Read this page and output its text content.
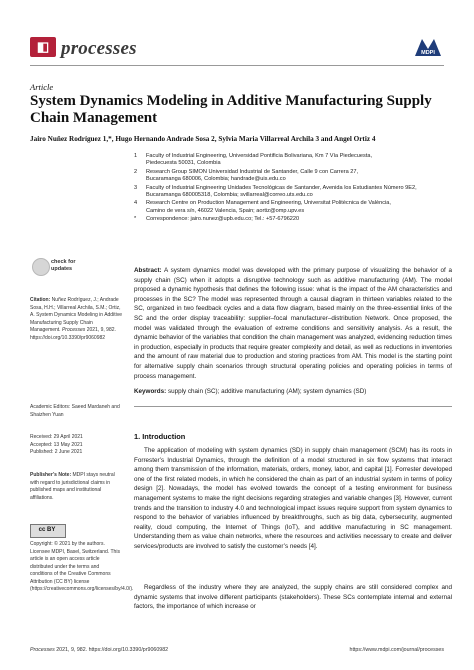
◧ processes	MDPI
Article
System Dynamics Modeling in Additive Manufacturing Supply Chain Management
Jairo Nuñez Rodríguez 1,*, Hugo Hernando Andrade Sosa 2, Sylvia Maria Villarreal Archila 3 and Angel Ortiz 4
1 Faculty of Industrial Engineering, Universidad Pontificia Bolivariana, Km 7 Vía Piedecuesta,
Piedecuesta 50031, Colombia
2 Research Group SIMON Universidad Industrial de Santander, Calle 9 con Carrera 27,
Bucaramanga 680006, Colombia; handrade@uis.edu.co
3 Faculty of Industrial Engineering Unidades Tecnológicas de Santander, Avenida los Estudiantes Número 9E2,
Bucaramanga 680005318, Colombia; svillarreal@correo.uts.edu.co
4 Research Centre on Production Management and Engineering, Universitat Politècnica de València,
Camino de vera s/n, 46022 Valencia, Spain; aortiz@omp.upv.es
* Correspondence: jairo.nunez@upb.edu.co; Tel.: +57-6796220
check for
updates
Citation: Nuñez Rodríguez, J.; Andrade Sosa, H.H.; Villarreal Archila, S.M.; Ortiz, A. System Dynamics Modeling in Additive Manufacturing Supply Chain Management. Processes 2021, 9, 982. https://doi.org/10.3390/pr9060982
Academic Editors: Saeed Mardaneh and Shaizhen Yuan
Received: 29 April 2021
Accepted: 13 May 2021
Published: 2 June 2021
Publisher’s Note: MDPI stays neutral with regard to jurisdictional claims in published maps and institutional affiliations.
cc BY
Copyright: © 2021 by the authors. Licensee MDPI, Basel, Switzerland. This article is an open access article distributed under the terms and conditions of the Creative Commons Attribution (CC BY) license (https://creativecommons.org/licenses/by/4.0/).
Abstract: A system dynamics model was developed with the primary purpose of visualizing the behavior of a supply chain (SC) when it adopts a disruptive technology such as additive manufacturing (AM). The model proposed a dynamic hypothesis that defines the following issue: what is the impact of the AM characteristics and processes in the SC? The model was represented through a causal diagram in thirteen variables related to the SC, organized in two feedback cycles and a data flow diagram, based mainly on the three-essential links of the SC and the order display traceability: supplier–focal manufacturer–distribution Network. Once proposed, the model was validated through the evaluation of extreme conditions and sensitivity analysis. As a result, the dynamic behavior of the variables that condition the chain management was analyzed, evidencing reduction times in production, especially in products that require greater complexity and detail, as well as reductions in inventories and the amount of raw material due to production and storing practices from AM. This model is the starting point for alternative supply chain scenarios through structural operating policies and operating policies in terms of process management.
Keywords: supply chain (SC); additive manufacturing (AM); system dynamics (SD)
1. Introduction
The application of modeling with system dynamics (SD) in supply chain management (SCM) has its roots in Forrester’s Industrial Dynamics, through the definition of a model structured in six flow systems that interact among them transmission of the information, materials, orders, money, labor, and capital [1]. Forrester developed one of the first related models, in which he considered the chain as part of an industrial system in terms of policy design [2]. Nowadays, the model has evolved towards the concept of a testing environment for business management systems to make the right decisions regarding strategies and variable changes [3]. However, current trends and the transition to industry 4.0 and technological impact issues require support from system dynamics to respond to the behavior of variables influenced by breakthroughs, such as big data, cybersecurity, augmented reality, cloud computing, the Internet of Things (IoT), and additive manufacturing in SC management. Understanding them as value chain networks, where the resources and activities necessary to create and deliver services/products are involved to satisfy the customer’s needs [4].
Regardless of the industry where they are analyzed, the supply chains are still considered complex and dynamic systems that involve different participants (stakeholders). These SCs contemplate internal and external factors, the importance of which increase or
Processes 2021, 9, 982. https://doi.org/10.3390/pr9060982	https://www.mdpi.com/journal/processes
